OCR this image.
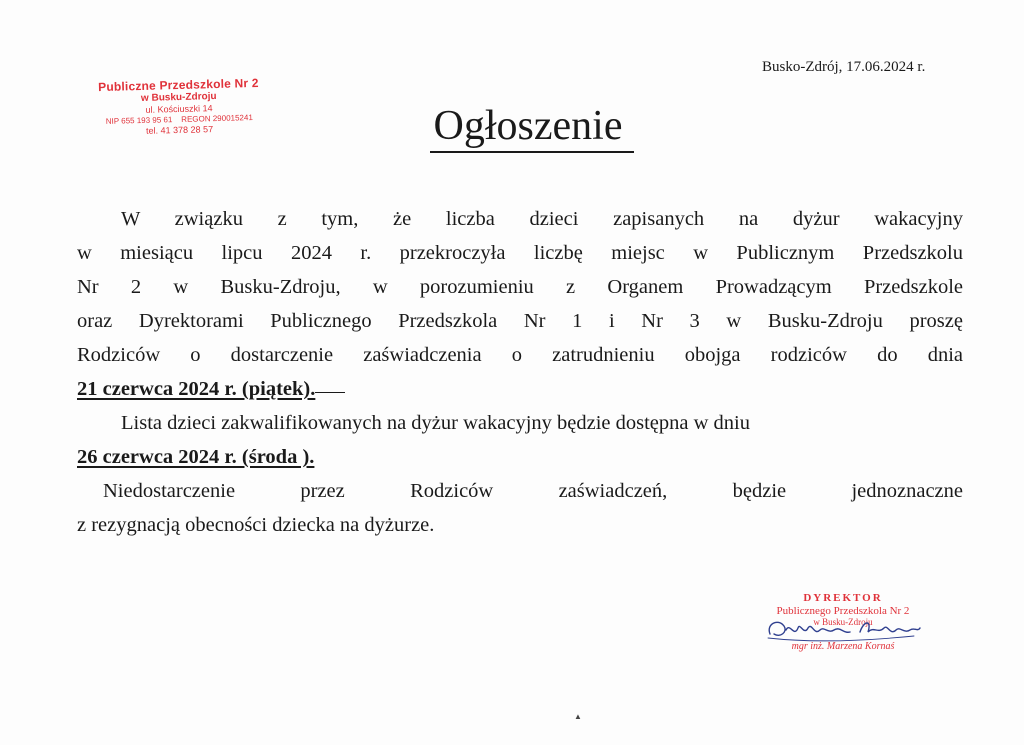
Publiczne Przedszkole Nr 2
w Busku-Zdroju
ul. Kościuszki 14
NIP 655 193 95 61    REGON 290015241
tel. 41 378 28 57
Busko-Zdrój, 17.06.2024 r.
Ogłoszenie
W związku z tym, że liczba dzieci zapisanych na dyżur wakacyjny
w miesiącu lipcu 2024 r. przekroczyła liczbę miejsc w Publicznym Przedszkolu
Nr 2 w Busku-Zdroju, w porozumieniu z Organem Prowadzącym Przedszkole
oraz Dyrektorami Publicznego Przedszkola Nr 1 i Nr 3 w Busku-Zdroju proszę
Rodziców o dostarczenie zaświadczenia o zatrudnieniu obojga rodziców do dnia
21 czerwca 2024 r. (piątek).
Lista dzieci zakwalifikowanych na dyżur wakacyjny będzie dostępna w dniu
26 czerwca 2024 r. (środa ).
Niedostarczenie przez Rodziców zaświadczeń, będzie jednoznaczne
z rezygnacją obecności dziecka na dyżurze.
DYREKTOR
Publicznego Przedszkola Nr 2
w Busku-Zdroju
mgr inż. Marzena Kornaś
▲
